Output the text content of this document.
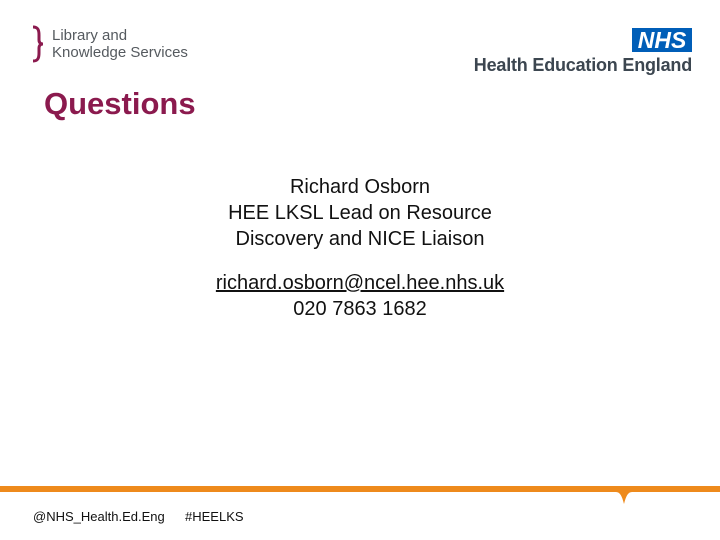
Library and
Knowledge Services	NHS
Health Education England
Questions
Richard Osborn
HEE LKSL Lead on Resource
Discovery and NICE Liaison
richard.osborn@ncel.hee.nhs.uk
020 7863 1682
@NHS_Health.Ed.Eng #HEELKS
